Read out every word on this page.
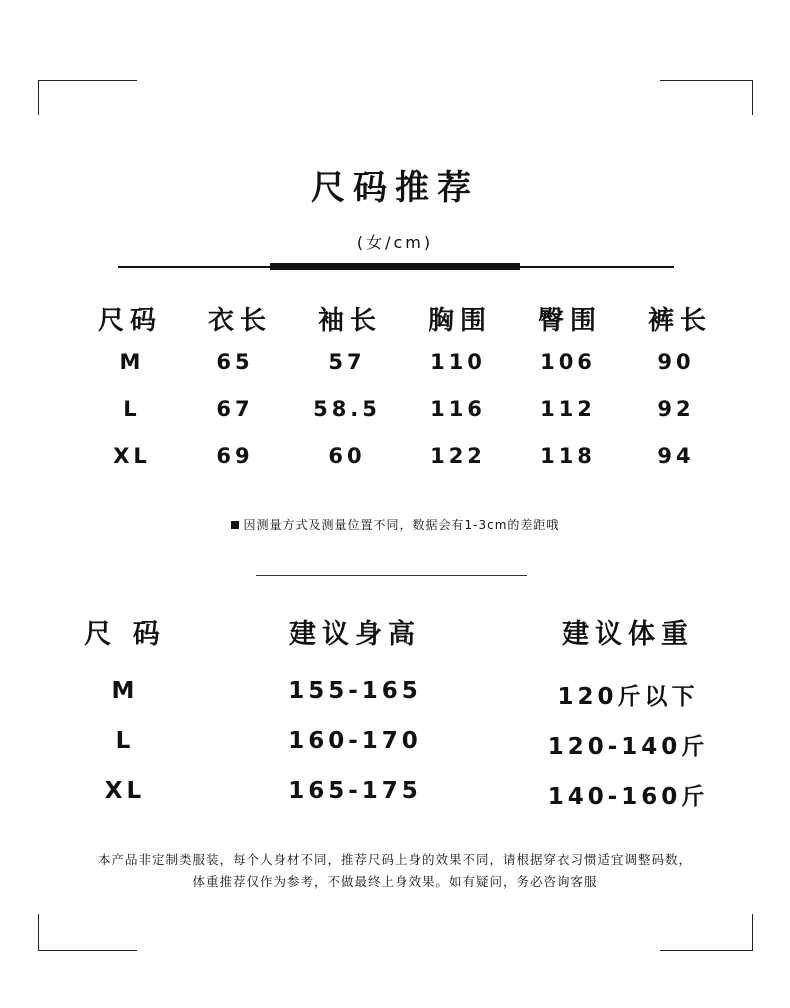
尺码推荐
(女/cm)
尺码	衣长	袖长	胸围	臀围	裤长
M	65	57	110	106	90
L	67	58.5	116	112	92
XL	69	60	122	118	94
因测量方式及测量位置不同，数据会有1-3cm的差距哦
尺 码	建议身高	建议体重
M	155-165	120斤以下
L	160-170	120-140斤
XL	165-175	140-160斤
本产品非定制类服装，每个人身材不同，推荐尺码上身的效果不同，请根据穿衣习惯适宜调整码数，
体重推荐仅作为参考，不做最终上身效果。如有疑问，务必咨询客服
